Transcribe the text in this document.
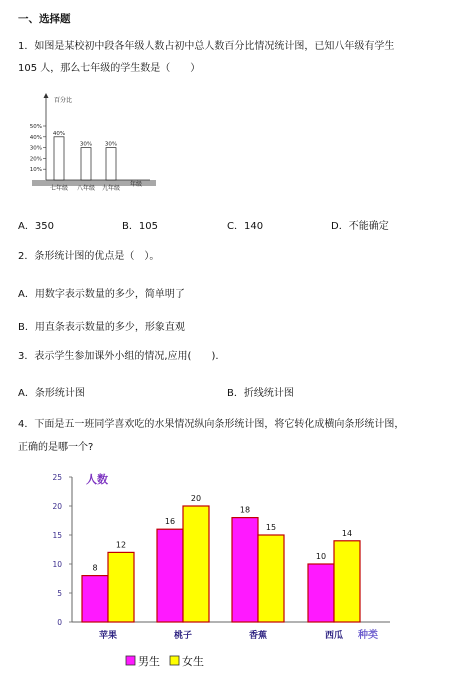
一、选择题
1．如图是某校初中段各年级人数占初中总人数百分比情况统计图，已知八年级有学生
105 人，那么七年级的学生数是（　　）
百分比
年级
10%
20%
30%
40%
50%
40%
七年级
30%
八年级
30%
九年级
A．350	B．105	C．140	D．不能确定
2．条形统计图的优点是（　）。
A．用数字表示数量的多少，简单明了
B．用直条表示数量的多少，形象直观
3．表示学生参加课外小组的情况,应用(　　).
A．条形统计图	B．折线统计图
4．下面是五一班同学喜欢吃的水果情况纵向条形统计图，将它转化成横向条形统计图，
正确的是哪一个?
人数
种类
0
5
10
15
20
25
8
12
苹果
16
20
桃子
18
15
香蕉
10
14
西瓜
男生 女生
